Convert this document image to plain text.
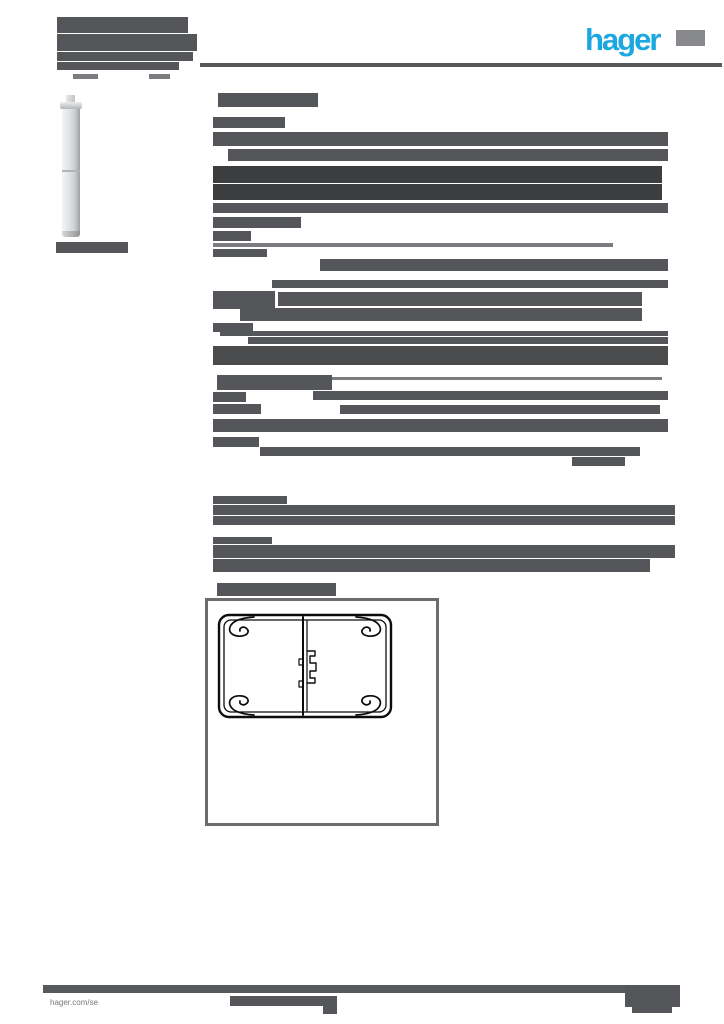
hager
hager.com/se
